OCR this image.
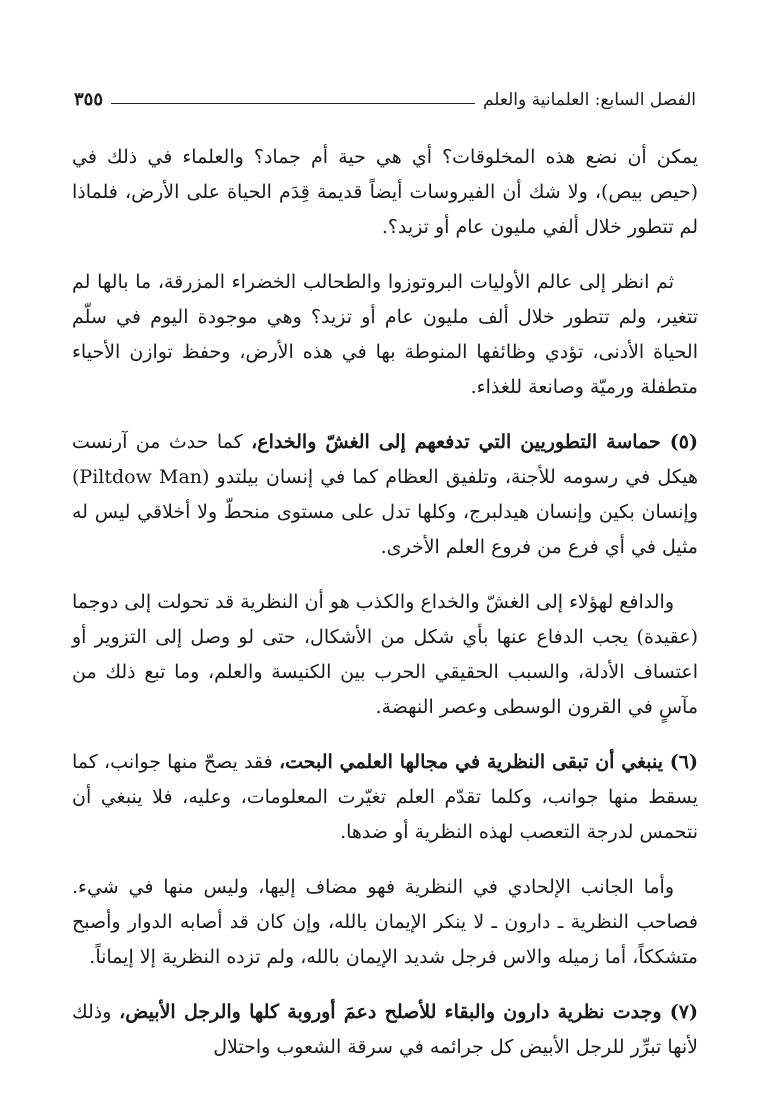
الفصل السابع: العلمانية والعلم
٣٥٥

يمكن أن نضع هذه المخلوقات؟ أي هي حية أم جماد؟ والعلماء في ذلك في (حيص بيص)، ولا شك أن الفيروسات أيضاً قديمة قِدَم الحياة على الأرض، فلماذا لم تتطور خلال ألفي مليون عام أو تزيد؟.

ثم انظر إلى عالم الأوليات البروتوزوا والطحالب الخضراء المزرقة، ما بالها لم تتغير، ولم تتطور خلال ألف مليون عام أو تزيد؟ وهي موجودة اليوم في سلّم الحياة الأدنى، تؤدي وظائفها المنوطة بها في هذه الأرض، وحفظ توازن الأحياء متطفلة ورميّة وصانعة للغذاء.

(٥) حماسة التطوريين التي تدفعهم إلى الغشّ والخداع، كما حدث من آرنست هيكل في رسومه للأجنة، وتلفيق العظام كما في إنسان بيلتدو (Piltdow Man) وإنسان بكين وإنسان هيدلبرج، وكلها تدل على مستوى منحطّ ولا أخلاقي ليس له مثيل في أي فرع من فروع العلم الأخرى.

والدافع لهؤلاء إلى الغشّ والخداع والكذب هو أن النظرية قد تحولت إلى دوجما (عقيدة) يجب الدفاع عنها بأي شكل من الأشكال، حتى لو وصل إلى التزوير أو اعتساف الأدلة، والسبب الحقيقي الحرب بين الكنيسة والعلم، وما تبع ذلك من مآسٍ في القرون الوسطى وعصر النهضة.

(٦) ينبغي أن تبقى النظرية في مجالها العلمي البحت، فقد يصحّ منها جوانب، كما يسقط منها جوانب، وكلما تقدّم العلم تغيّرت المعلومات، وعليه، فلا ينبغي أن نتحمس لدرجة التعصب لهذه النظرية أو ضدها.

وأما الجانب الإلحادي في النظرية فهو مضاف إليها، وليس منها في شيء. فصاحب النظرية ـ دارون ـ لا ينكر الإيمان بالله، وإن كان قد أصابه الدوار وأصبح متشككاً، أما زميله والاس فرجل شديد الإيمان بالله، ولم تزده النظرية إلا إيماناً.

(٧) وجدت نظرية دارون والبقاء للأصلح دعمَ أوروبة كلها والرجل الأبيض، وذلك لأنها تبرِّر للرجل الأبيض كل جرائمه في سرقة الشعوب واحتلال
